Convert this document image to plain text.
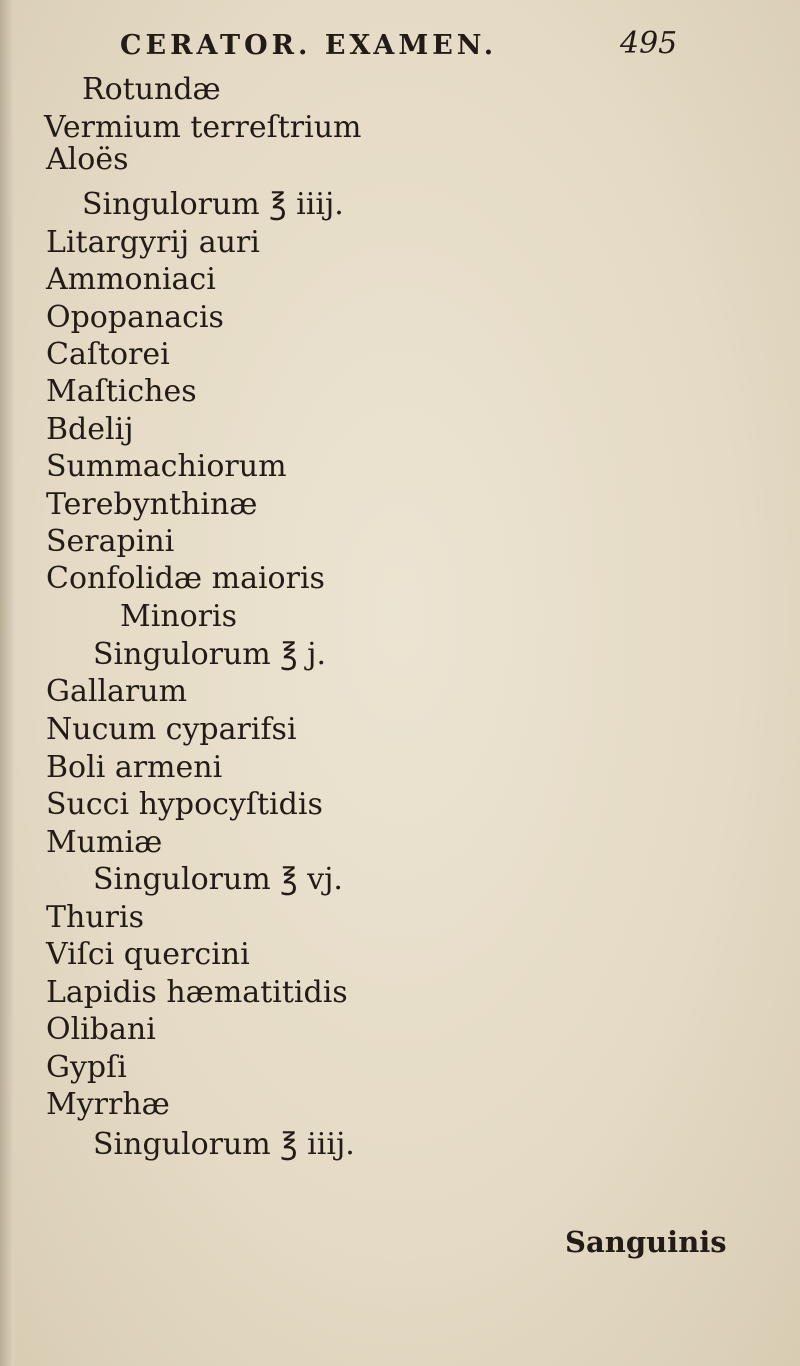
CERATOR. EXAMEN.	495
Rotundæ
Vermium terreſtrium
Aloës
Singulorum ℥ iiij.
Litargyrij auri
Ammoniaci
Opopanacis
Caſtorei
Maſtiches
Bdelij
Summachiorum
Terebynthinæ
Serapini
Confolidæ maioris
Minoris
Singulorum ℥ j.
Gallarum
Nucum cyparifsi
Boli armeni
Succi hypocyſtidis
Mumiæ
Singulorum ℥ vj.
Thuris
Viſci quercini
Lapidis hæmatitidis
Olibani
Gypſi
Myrrhæ
Singulorum ℥ iiij.
Sanguinis
